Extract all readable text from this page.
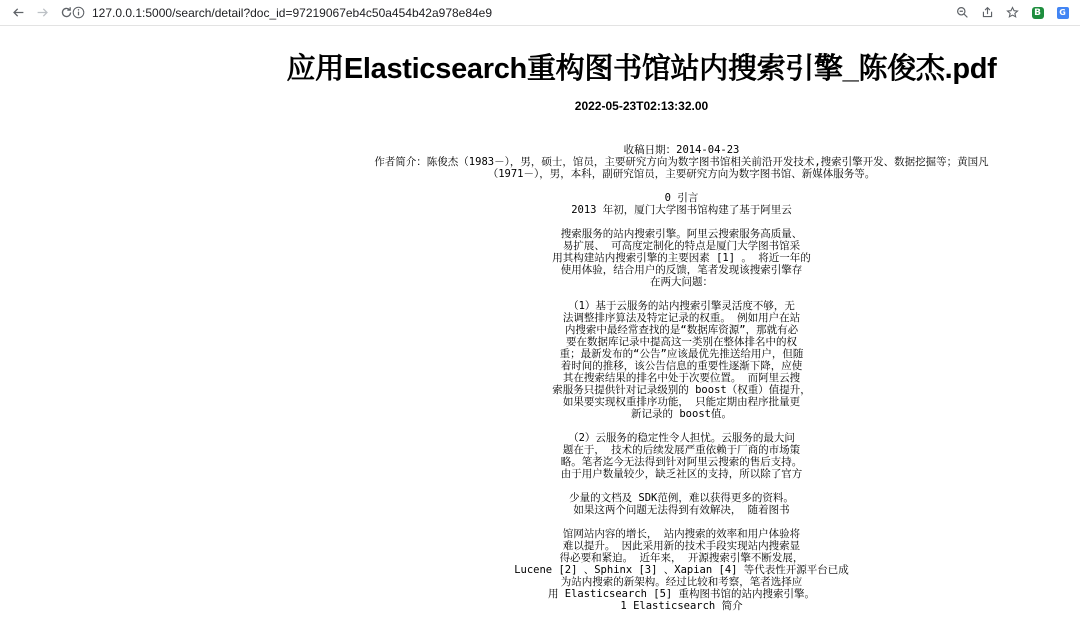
127.0.0.1:5000/search/detail?doc_id=97219067eb4c50a454b42a978e84e9	B	G
应用Elasticsearch重构图书馆站内搜索引擎_陈俊杰.pdf
2022-05-23T02:13:32.00

收稿日期：2014-04-23

作者简介：陈俊杰（1983－），男，硕士，馆员，主要研究方向为数字图书馆相关前沿开发技术,搜索引擎开发、数据挖掘等；黄国凡

（1971－），男，本科，副研究馆员，主要研究方向为数字图书馆、新媒体服务等。

0 引言

2013 年初，厦门大学图书馆构建了基于阿里云

搜索服务的站内搜索引擎。阿里云搜索服务高质量、

易扩展、 可高度定制化的特点是厦门大学图书馆采

用其构建站内搜索引擎的主要因素 [1] 。 将近一年的

使用体验，结合用户的反馈，笔者发现该搜索引擎存

在两大问题：

（1）基于云服务的站内搜索引擎灵活度不够，无

法调整排序算法及特定记录的权重。 例如用户在站

内搜索中最经常查找的是“数据库资源”，那就有必

要在数据库记录中提高这一类别在整体排名中的权

重；最新发布的“公告”应该最优先推送给用户，但随

着时间的推移，该公告信息的重要性逐渐下降，应使

其在搜索结果的排名中处于次要位置。 而阿里云搜

索服务只提供针对记录级别的 boost（权重）值提升，

如果要实现权重排序功能， 只能定期由程序批量更

新记录的 boost值。

（2）云服务的稳定性令人担忧。云服务的最大问

题在于， 技术的后续发展严重依赖于厂商的市场策

略。笔者迄今无法得到针对阿里云搜索的售后支持。

由于用户数量较少，缺乏社区的支持，所以除了官方

少量的文档及 SDK范例，难以获得更多的资料。

如果这两个问题无法得到有效解决， 随着图书

馆网站内容的增长， 站内搜索的效率和用户体验将

难以提升。 因此采用新的技术手段实现站内搜索显

得必要和紧迫。 近年来， 开源搜索引擎不断发展，

Lucene [2] 、Sphinx [3] 、Xapian [4] 等代表性开源平台已成

为站内搜索的新架构。经过比较和考察，笔者选择应

用 Elasticsearch [5] 重构图书馆的站内搜索引擎。

1 Elasticsearch 简介
